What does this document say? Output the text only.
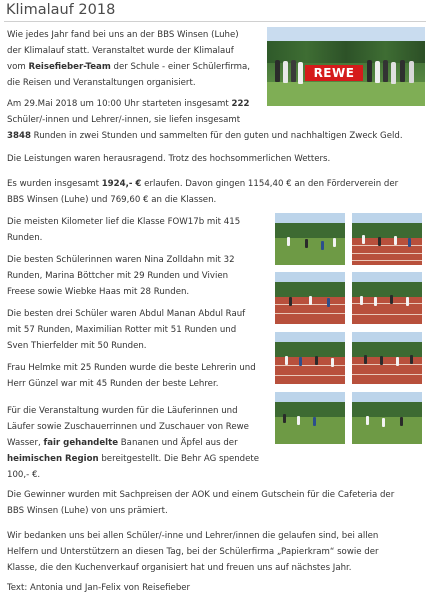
Klimalauf 2018
REWE

Wie jedes Jahr fand bei uns an der BBS Winsen (Luhe)
der Klimalauf statt. Veranstaltet wurde der Klimalauf
vom Reisefieber-Team der Schule - einer Schülerfirma,
die Reisen und Veranstaltungen organisiert.

Am 29.Mai 2018 um 10:00 Uhr starteten insgesamt 222
Schüler/-innen und Lehrer/-innen, sie liefen insgesamt
3848 Runden in zwei Stunden und sammelten für den guten und nachhaltigen Zweck Geld.

Die Leistungen waren herausragend. Trotz des hochsommerlichen Wetters.

Es wurden insgesamt 1924,- € erlaufen. Davon gingen 1154,40 € an den Förderverein der
BBS Winsen (Luhe) und 769,60 € an die Klassen.

Die meisten Kilometer lief die Klasse FOW17b mit 415
Runden.

Die besten Schülerinnen waren Nina Zolldahn mit 32
Runden, Marina Böttcher mit 29 Runden und Vivien
Freese sowie Wiebke Haas mit 28 Runden.

Die besten drei Schüler waren Abdul Manan Abdul Rauf
mit 57 Runden, Maximilian Rotter mit 51 Runden und
Sven Thierfelder mit 50 Runden.

Frau Helmke mit 25 Runden wurde die beste Lehrerin und
Herr Günzel war mit 45 Runden der beste Lehrer.

Für die Veranstaltung wurden für die Läuferinnen und
Läufer sowie Zuschauerrinnen und Zuschauer von Rewe
Wasser, fair gehandelte Bananen und Äpfel aus der
heimischen Region bereitgestellt. Die Behr AG spendete
100,- €.

Die Gewinner wurden mit Sachpreisen der AOK und einem Gutschein für die Cafeteria der
BBS Winsen (Luhe) von uns prämiert.

Wir bedanken uns bei allen Schüler/-inne und Lehrer/innen die gelaufen sind, bei allen
Helfern und Unterstützern an diesen Tag, bei der Schülerfirma „Papierkram“ sowie der
Klasse, die den Kuchenverkauf organisiert hat und freuen uns auf nächstes Jahr.

Text: Antonia und Jan-Felix von Reisefieber
